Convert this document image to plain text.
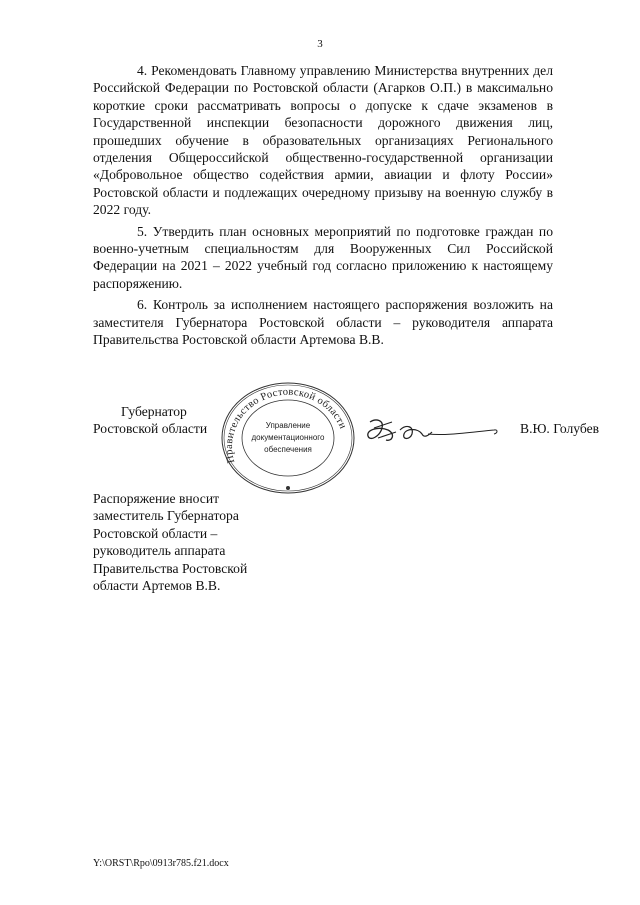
3

4. Рекомендовать Главному управлению Министерства внутренних дел Российской Федерации по Ростовской области (Агарков О.П.) в максимально короткие сроки рассматривать вопросы о допуске к сдаче экзаменов в Государственной инспекции безопасности дорожного движения лиц, прошедших обучение в образовательных организациях Регионального отделения Общероссийской общественно-государственной организации «Добровольное общество содействия армии, авиации и флоту России» Ростовской области и подлежащих очередному призыву на военную службу в 2022 году.

5. Утвердить план основных мероприятий по подготовке граждан по военно-учетным специальностям для Вооруженных Сил Российской Федерации на 2021 – 2022 учебный год согласно приложению к настоящему распоряжению.

6. Контроль за исполнением настоящего распоряжения возложить на заместителя Губернатора Ростовской области – руководителя аппарата Правительства Ростовской области Артемова В.В.

Губернатор
Ростовской области
Правительство Ростовской области
Управление
документационного
обеспечения
В.Ю. Голубев
Распоряжение вносит
заместитель Губернатора
Ростовской области –
руководитель аппарата
Правительства Ростовской
области Артемов В.В.
Y:\ORST\Rpo\0913r785.f21.docx
